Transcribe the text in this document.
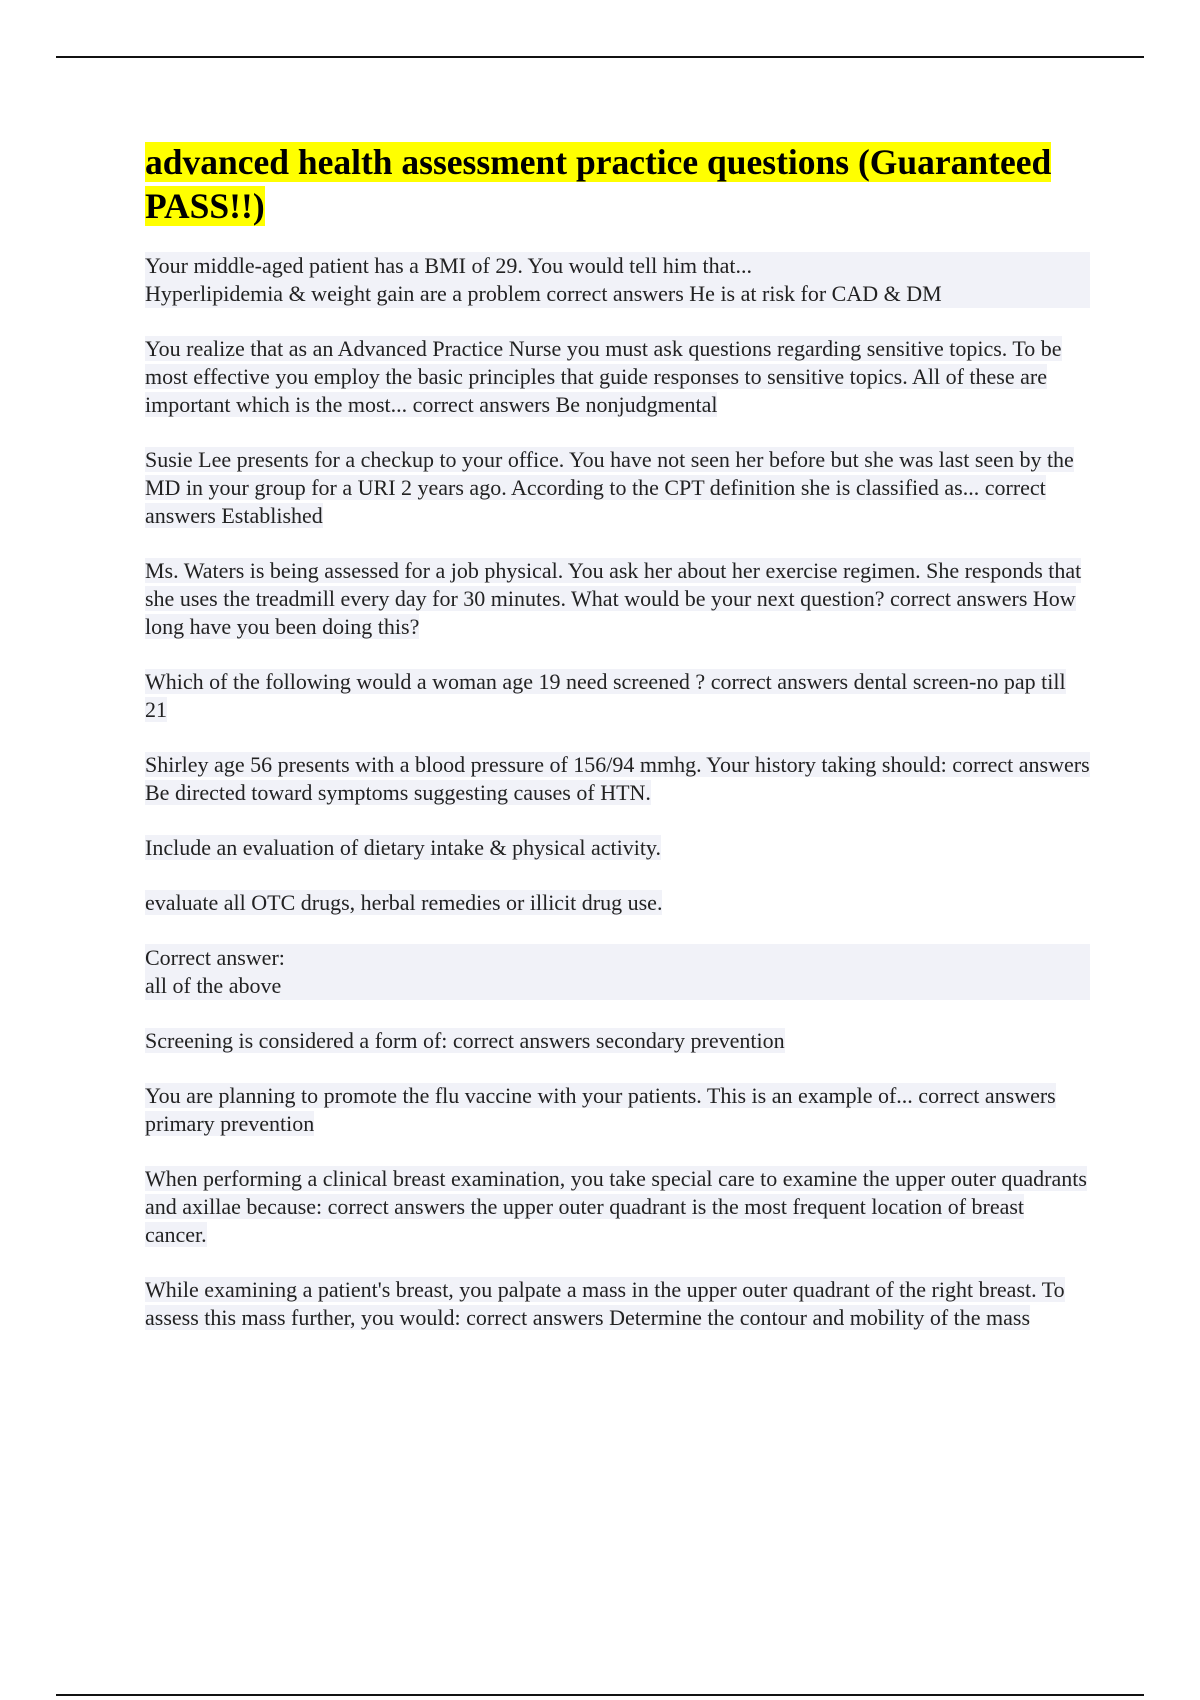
advanced health assessment practice questions (Guaranteed PASS!!)

Your middle-aged patient has a BMI of 29. You would tell him that...
Hyperlipidemia & weight gain are a problem correct answers He is at risk for CAD & DM

You realize that as an Advanced Practice Nurse you must ask questions regarding sensitive topics. To be most effective you employ the basic principles that guide responses to sensitive topics. All of these are important which is the most... correct answers Be nonjudgmental

Susie Lee presents for a checkup to your office. You have not seen her before but she was last seen by the MD in your group for a URI 2 years ago. According to the CPT definition she is classified as... correct answers Established

Ms. Waters is being assessed for a job physical. You ask her about her exercise regimen. She responds that she uses the treadmill every day for 30 minutes. What would be your next question? correct answers How long have you been doing this?

Which of the following would a woman age 19 need screened ? correct answers dental screen-no pap till 21

Shirley age 56 presents with a blood pressure of 156/94 mmhg. Your history taking should: correct answers Be directed toward symptoms suggesting causes of HTN.

Include an evaluation of dietary intake & physical activity.

evaluate all OTC drugs, herbal remedies or illicit drug use.

Correct answer:
all of the above

Screening is considered a form of: correct answers secondary prevention

You are planning to promote the flu vaccine with your patients. This is an example of... correct answers primary prevention

When performing a clinical breast examination, you take special care to examine the upper outer quadrants and axillae because: correct answers the upper outer quadrant is the most frequent location of breast cancer.

While examining a patient's breast, you palpate a mass in the upper outer quadrant of the right breast. To assess this mass further, you would: correct answers Determine the contour and mobility of the mass
